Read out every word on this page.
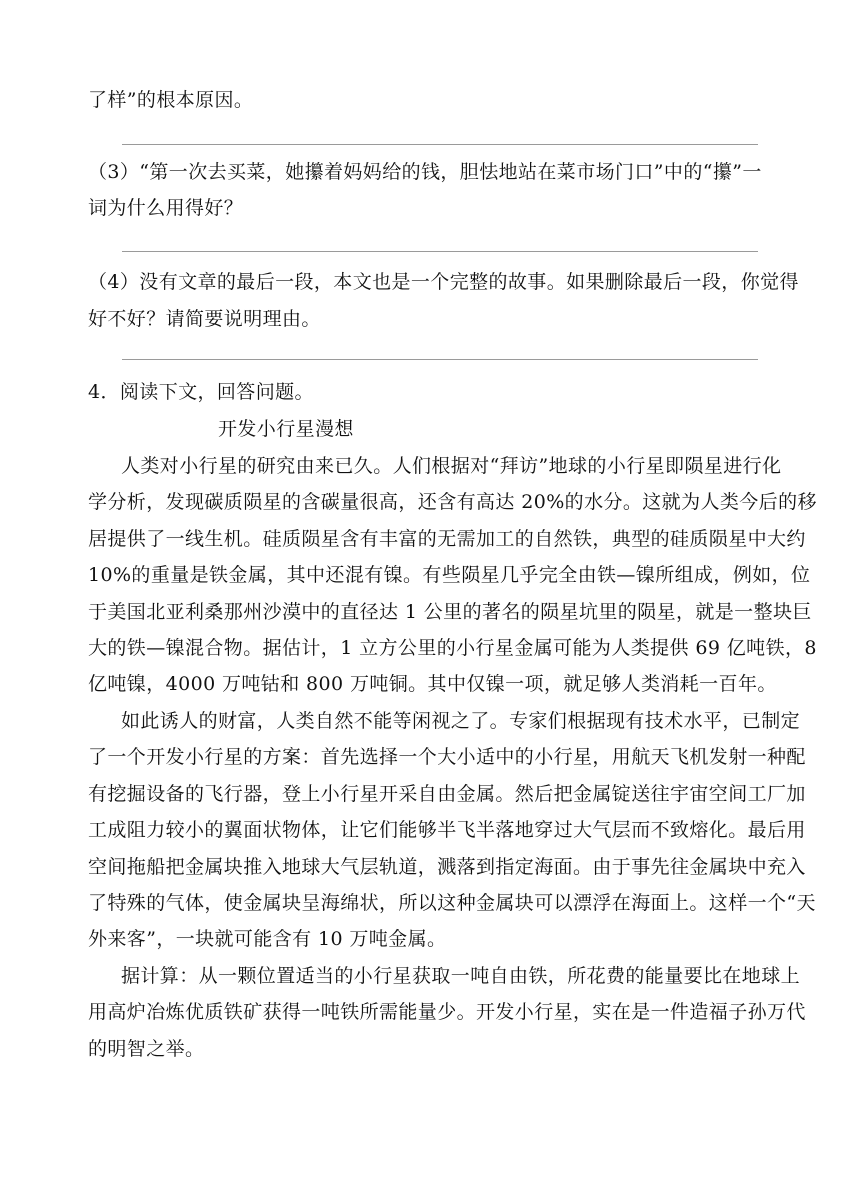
了样”的根本原因。
（3）“第一次去买菜，她攥着妈妈给的钱，胆怯地站在菜市场门口”中的“攥”一
词为什么用得好？
（4）没有文章的最后一段，本文也是一个完整的故事。如果删除最后一段，你觉得
好不好？请简要说明理由。
4．阅读下文，回答问题。
开发小行星漫想
人类对小行星的研究由来已久。人们根据对“拜访”地球的小行星即陨星进行化
学分析，发现碳质陨星的含碳量很高，还含有高达 20%的水分。这就为人类今后的移
居提供了一线生机。硅质陨星含有丰富的无需加工的自然铁，典型的硅质陨星中大约
10%的重量是铁金属，其中还混有镍。有些陨星几乎完全由铁—镍所组成，例如，位
于美国北亚利桑那州沙漠中的直径达 1 公里的著名的陨星坑里的陨星，就是一整块巨
大的铁—镍混合物。据估计，1 立方公里的小行星金属可能为人类提供 69 亿吨铁，8
亿吨镍，4000 万吨钴和 800 万吨铜。其中仅镍一项，就足够人类消耗一百年。
如此诱人的财富，人类自然不能等闲视之了。专家们根据现有技术水平，已制定
了一个开发小行星的方案：首先选择一个大小适中的小行星，用航天飞机发射一种配
有挖掘设备的飞行器，登上小行星开采自由金属。然后把金属锭送往宇宙空间工厂加
工成阻力较小的翼面状物体，让它们能够半飞半落地穿过大气层而不致熔化。最后用
空间拖船把金属块推入地球大气层轨道，溅落到指定海面。由于事先往金属块中充入
了特殊的气体，使金属块呈海绵状，所以这种金属块可以漂浮在海面上。这样一个“天
外来客”，一块就可能含有 10 万吨金属。
据计算：从一颗位置适当的小行星获取一吨自由铁，所花费的能量要比在地球上
用高炉冶炼优质铁矿获得一吨铁所需能量少。开发小行星，实在是一件造福子孙万代
的明智之举。
